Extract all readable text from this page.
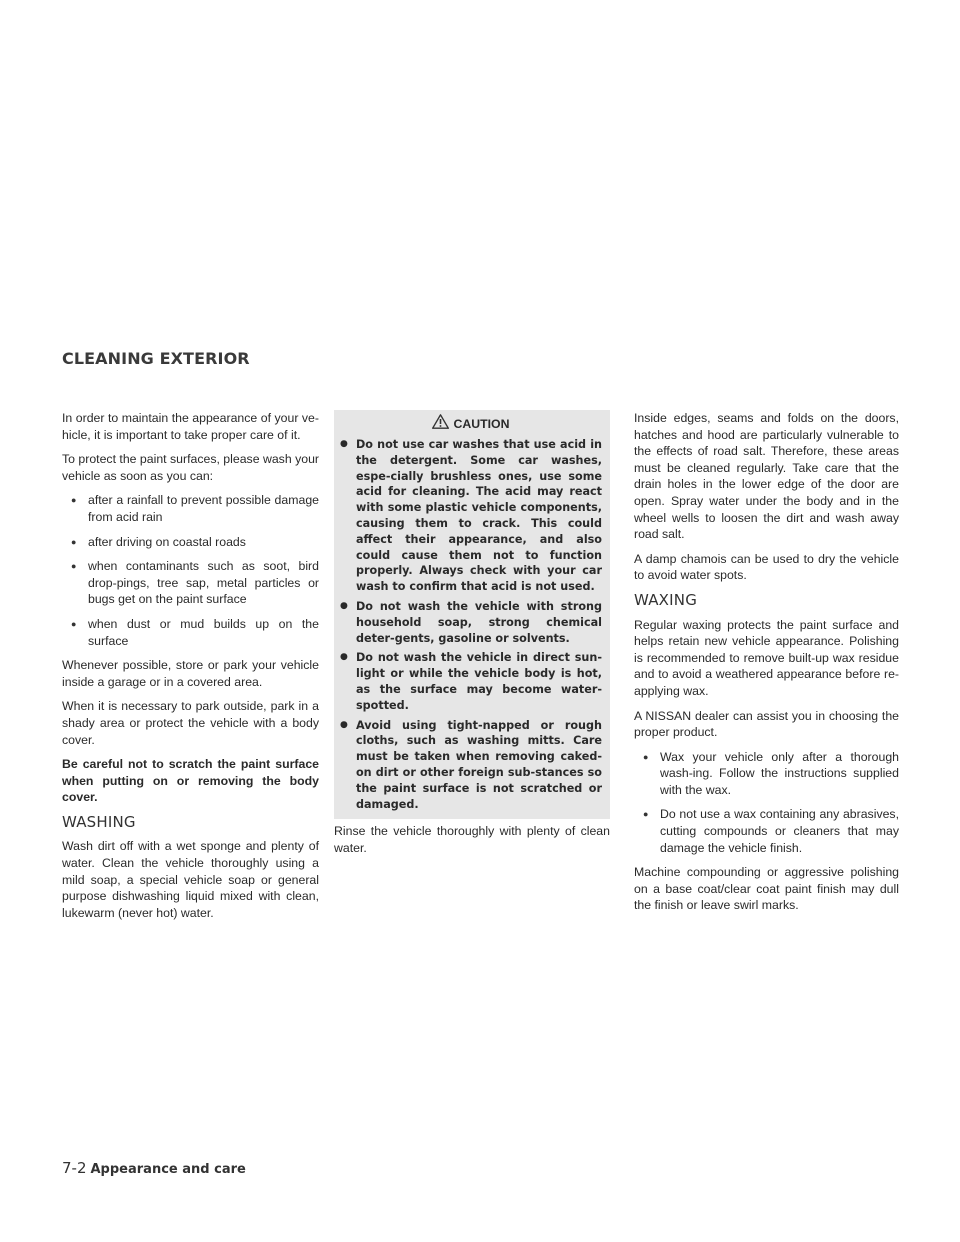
CLEANING EXTERIOR

In order to maintain the appearance of your ve-hicle, it is important to take proper care of it.

To protect the paint surfaces, please wash your vehicle as soon as you can:

● after a rainfall to prevent possible damage from acid rain
● after driving on coastal roads
● when contaminants such as soot, bird drop-pings, tree sap, metal particles or bugs get on the paint surface
● when dust or mud builds up on the surface

Whenever possible, store or park your vehicle inside a garage or in a covered area.

When it is necessary to park outside, park in a shady area or protect the vehicle with a body cover.

Be careful not to scratch the paint surface when putting on or removing the body cover.

WASHING

Wash dirt off with a wet sponge and plenty of water. Clean the vehicle thoroughly using a mild soap, a special vehicle soap or general purpose dishwashing liquid mixed with clean, lukewarm (never hot) water.

CAUTION
● Do not use car washes that use acid in the detergent. Some car washes, espe-cially brushless ones, use some acid for cleaning. The acid may react with some plastic vehicle components, causing them to crack. This could affect their appearance, and also could cause them not to function properly. Always check with your car wash to confirm that acid is not used.
● Do not wash the vehicle with strong household soap, strong chemical deter-gents, gasoline or solvents.
● Do not wash the vehicle in direct sun-light or while the vehicle body is hot, as the surface may become water-spotted.
● Avoid using tight-napped or rough cloths, such as washing mitts. Care must be taken when removing caked-on dirt or other foreign sub-stances so the paint surface is not scratched or damaged.

Rinse the vehicle thoroughly with plenty of clean water.

Inside edges, seams and folds on the doors, hatches and hood are particularly vulnerable to the effects of road salt. Therefore, these areas must be cleaned regularly. Take care that the drain holes in the lower edge of the door are open. Spray water under the body and in the wheel wells to loosen the dirt and wash away road salt.

A damp chamois can be used to dry the vehicle to avoid water spots.

WAXING

Regular waxing protects the paint surface and helps retain new vehicle appearance. Polishing is recommended to remove built-up wax residue and to avoid a weathered appearance before re-applying wax.

A NISSAN dealer can assist you in choosing the proper product.

● Wax your vehicle only after a thorough wash-ing. Follow the instructions supplied with the wax.
● Do not use a wax containing any abrasives, cutting compounds or cleaners that may damage the vehicle finish.

Machine compounding or aggressive polishing on a base coat/clear coat paint finish may dull the finish or leave swirl marks.

7-2 Appearance and care
